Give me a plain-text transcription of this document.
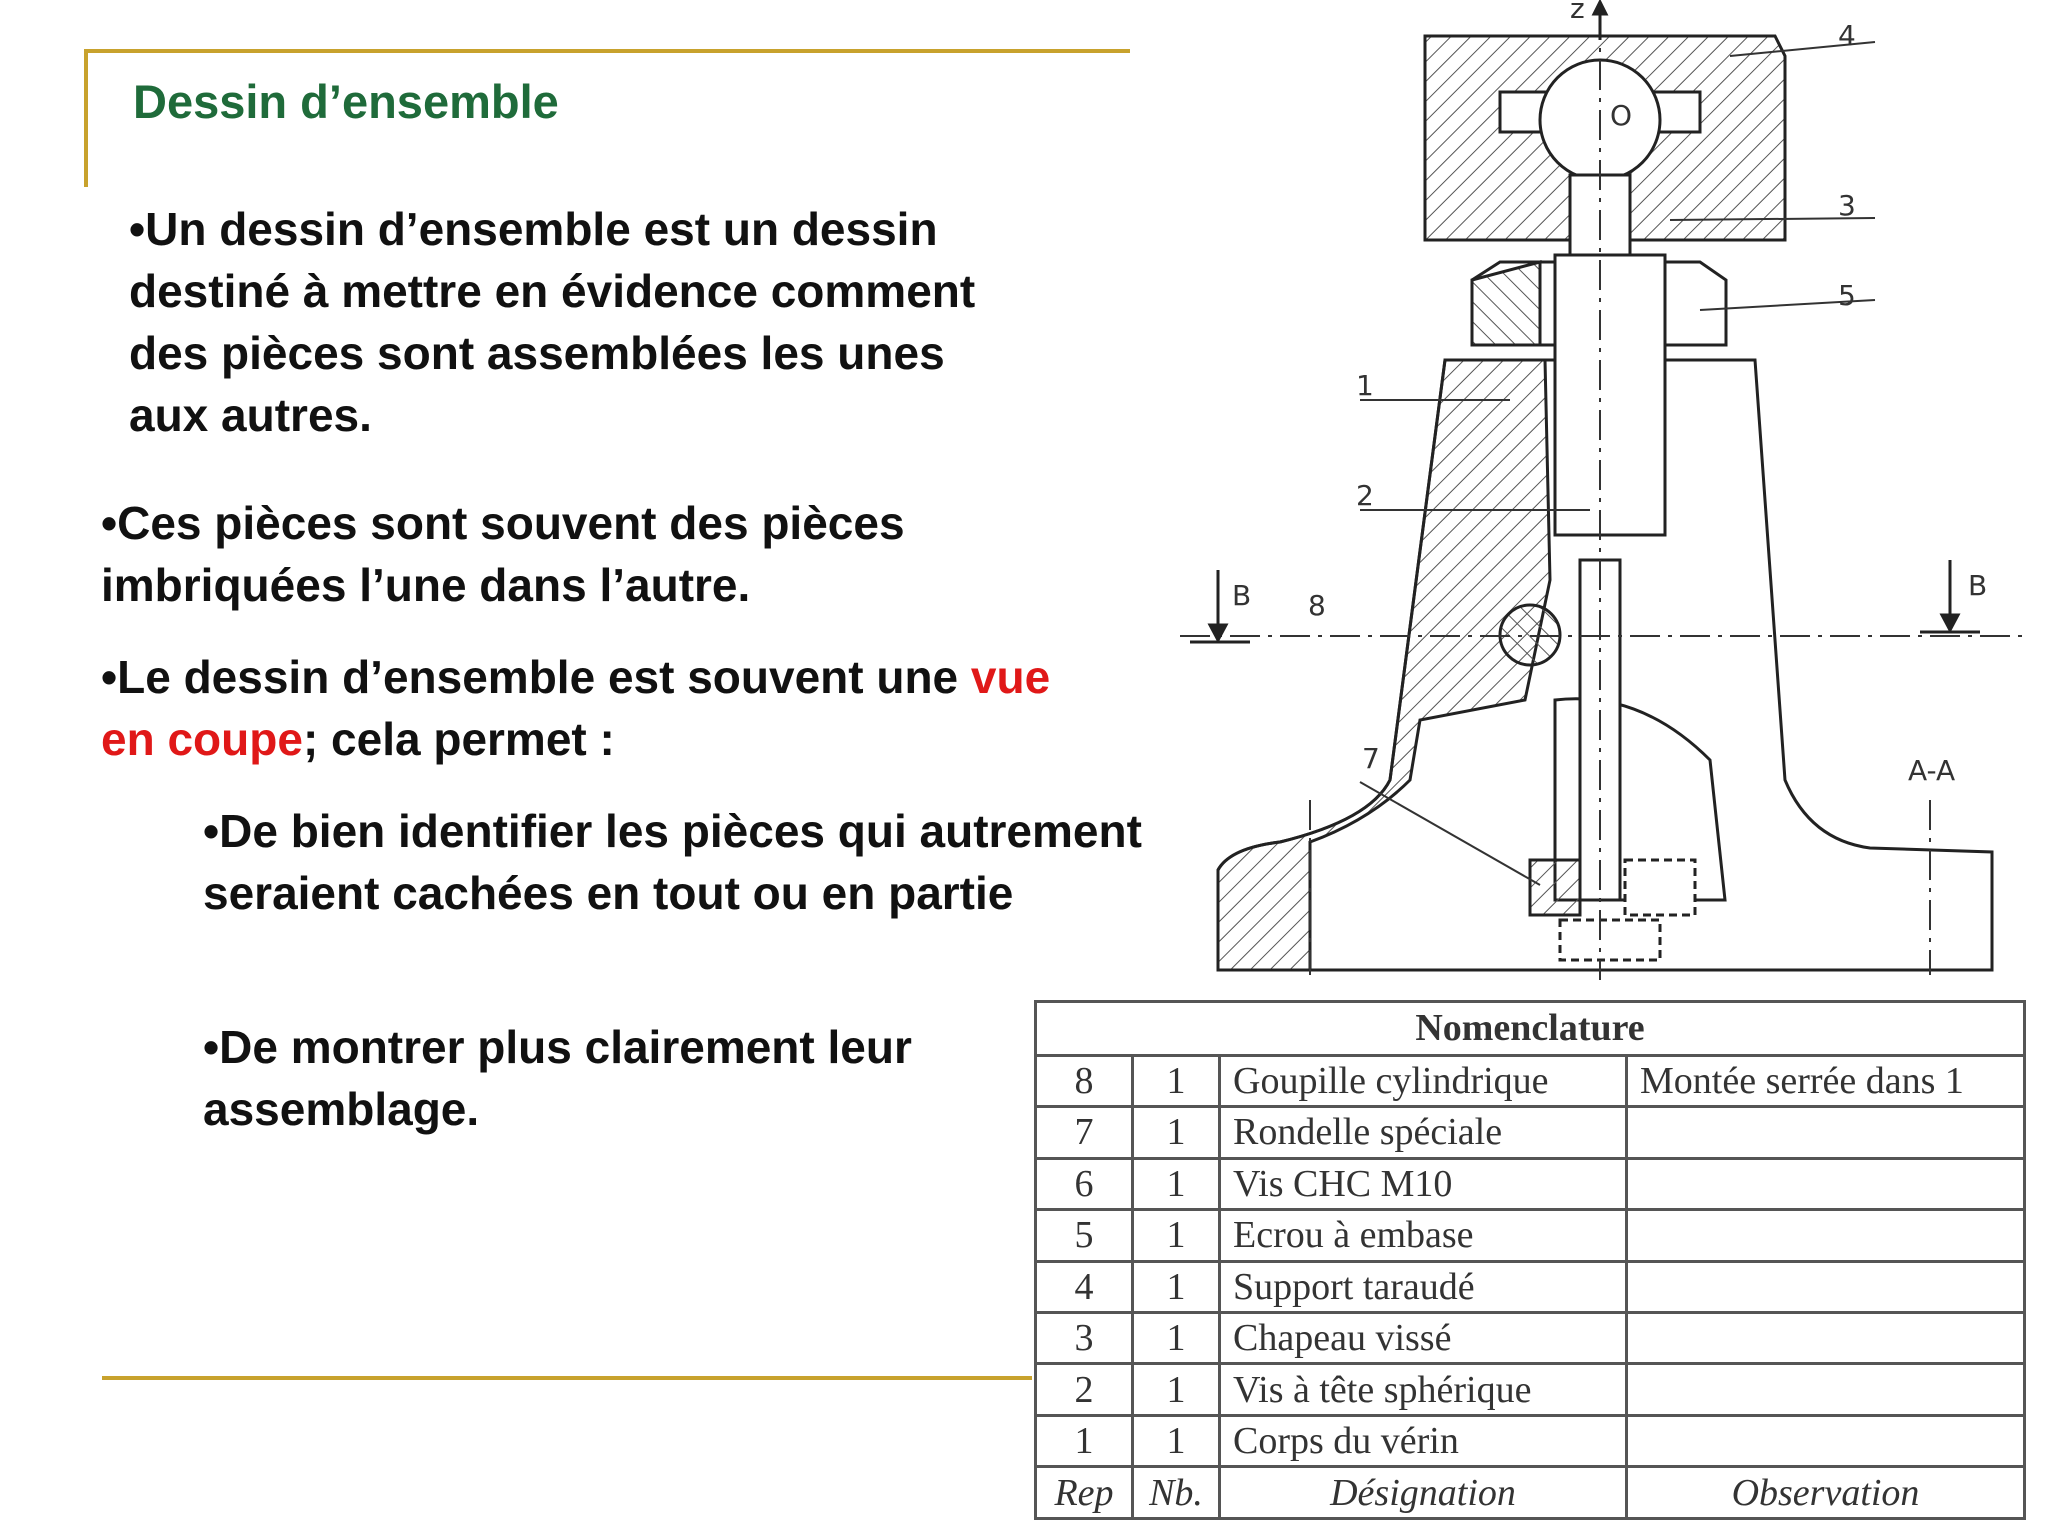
Dessin d’ensemble
•Un dessin d’ensemble est un dessin destiné à mettre en évidence comment des pièces sont assemblées les unes aux autres.
•Ces pièces sont souvent des pièces imbriquées l’une dans l’autre.
•Le dessin d’ensemble est souvent une vue en coupe; cela permet :
•De bien identifier les pièces qui autrement seraient cachées en tout ou en partie
•De montrer plus clairement leur assemblage.
z
O
4
3
5
1
2
8
7
B	B
A-A
Nomenclature			
8	1	Goupille cylindrique	Montée serrée dans 1
7	1	Rondelle spéciale	
6	1	Vis CHC M10	
5	1	Ecrou à embase	
4	1	Support taraudé	
3	1	Chapeau vissé	
2	1	Vis à tête sphérique	
1	1	Corps du vérin	
Rep	Nb.	Désignation	Observation
